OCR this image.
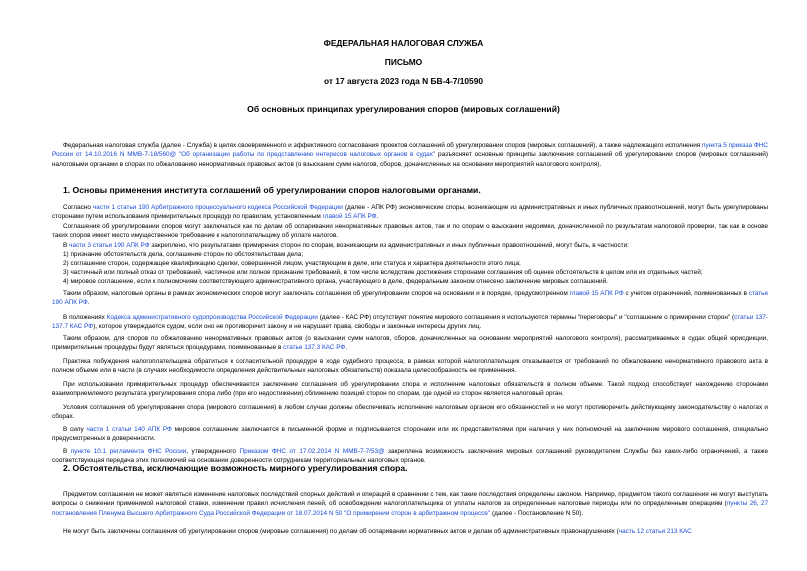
ФЕДЕРАЛЬНАЯ НАЛОГОВАЯ СЛУЖБА
ПИСЬМО
от 17 августа 2023 года N БВ-4-7/10590
Об основных принципах урегулирования споров (мировых соглашений)
Федеральная налоговая служба (далее - Служба) в целях своевременного и эффективного согласования проектов соглашений об урегулировании споров (мировых соглашений), а также надлежащего исполнения пункта 5 приказа ФНС России от 14.10.2016 N ММВ-7-18/560@ "Об организации работы по представлению интересов налоговых органов в судах" разъясняет основные принципы заключения соглашений об урегулировании споров (мировых соглашений) налоговыми органами в спорах по обжалованию ненормативных правовых актов (о взыскании сумм налогов, сборов, доначисленных на основании мероприятий налогового контроля).
1. Основы применения института соглашений об урегулировании споров налоговыми органами.
Согласно части 1 статьи 190 Арбитражного процессуального кодекса Российской Федерации (далее - АПК РФ) экономические споры, возникающие из административных и иных публичных правоотношений, могут быть урегулированы сторонами путем использования примирительных процедур по правилам, установленным главой 15 АПК РФ.
Соглашения об урегулировании споров могут заключаться как по делам об оспаривании ненормативных правовых актов, так и по спорам о взыскании недоимки, доначисленной по результатам налоговой проверки, так как в основе таких споров имеет место имущественное требование к налогоплательщику об уплате налогов.
В части 3 статьи 190 АПК РФ закреплено, что результатами примирения сторон по спорам, возникающим из административных и иных публичных правоотношений, могут быть, в частности:
1) признание обстоятельств дела, соглашение сторон по обстоятельствам дела;
2) соглашение сторон, содержащее квалификацию сделки, совершенной лицом, участвующим в деле, или статуса и характера деятельности этого лица;
3) частичный или полный отказ от требований, частичное или полное признание требований, в том числе вследствие достижения сторонами соглашения об оценке обстоятельств в целом или их отдельных частей;
4) мировое соглашение, если к полномочиям соответствующего административного органа, участвующего в деле, федеральным законом отнесено заключение мировых соглашений.
Таким образом, налоговые органы в рамках экономических споров могут заключать соглашения об урегулировании споров на основании и в порядке, предусмотренном главой 15 АПК РФ с учетом ограничений, поименованных в статье 190 АПК РФ.
В положениях Кодекса административного судопроизводства Российской Федерации (далее - КАС РФ) отсутствует понятие мирового соглашения и используются термины "переговоры" и "соглашение о примирении сторон" (статьи 137-137.7 КАС РФ), которое утверждается судом, если оно не противоречит закону и не нарушает права, свободы и законные интересы других лиц.
Таким образом, для споров по обжалованию ненормативных правовых актов (о взыскании сумм налогов, сборов, доначисленных на основании мероприятий налогового контроля), рассматриваемых в судах общей юрисдикции, примирительные процедуры будут являться процедурами, поименованные в статье 137.3 КАС РФ.
Практика побуждения налогоплательщика обратиться к согласительной процедуре в ходе судебного процесса, в рамках которой налогоплательщик отказывается от требований по обжалованию ненормативного правового акта в полном объеме или в части (в случаях необходимости определения действительных налоговых обязательств) показала целесообразность ее применения.
При использовании примирительных процедур обеспечивается заключение соглашения об урегулировании спора и исполнение налоговых обязательств в полном объеме. Такой подход способствует нахождению сторонами взаимоприемлемого результата урегулирования спора либо (при его недостижении) сближению позиций сторон по спорам, где одной из сторон является налоговый орган.
Условия соглашения об урегулировании спора (мирового соглашения) в любом случае должны обеспечивать исполнение налоговым органом его обязанностей и не могут противоречить действующему законодательству о налогах и сборах.
В силу части 1 статьи 140 АПК РФ мировое соглашение заключается в письменной форме и подписывается сторонами или их представителями при наличии у них полномочий на заключение мирового соглашения, специально предусмотренных в доверенности.
В пункте 10.1 регламента ФНС России, утвержденного Приказом ФНС от 17.02.2014 N ММВ-7-7/53@ закреплена возможность заключения мировых соглашений руководителем Службы без каких-либо ограничений, а также соответствующая передача этих полномочий на основании доверенности сотрудникам территориальных налоговых органов.
2. Обстоятельства, исключающие возможность мирного урегулирования спора.
Предметом соглашения не может являться изменение налоговых последствий спорных действий и операций в сравнении с тем, как такие последствия определены законом. Например, предметом такого соглашения не могут выступать вопросы о снижении применимой налоговой ставки, изменении правил исчисления пеней, об освобождении налогоплательщика от уплаты налогов за определенные налоговые периоды или по определенным операциям (пункты 26, 27 постановления Пленума Высшего Арбитражного Суда Российской Федерации от 18.07.2014 N 50 "О примирении сторон в арбитражном процессе" (далее - Постановление N 50).
Не могут быть заключены соглашения об урегулировании споров (мировые соглашения) по делам об оспаривании нормативных актов и делам об административных правонарушениях (часть 12 статьи 213 КАС
